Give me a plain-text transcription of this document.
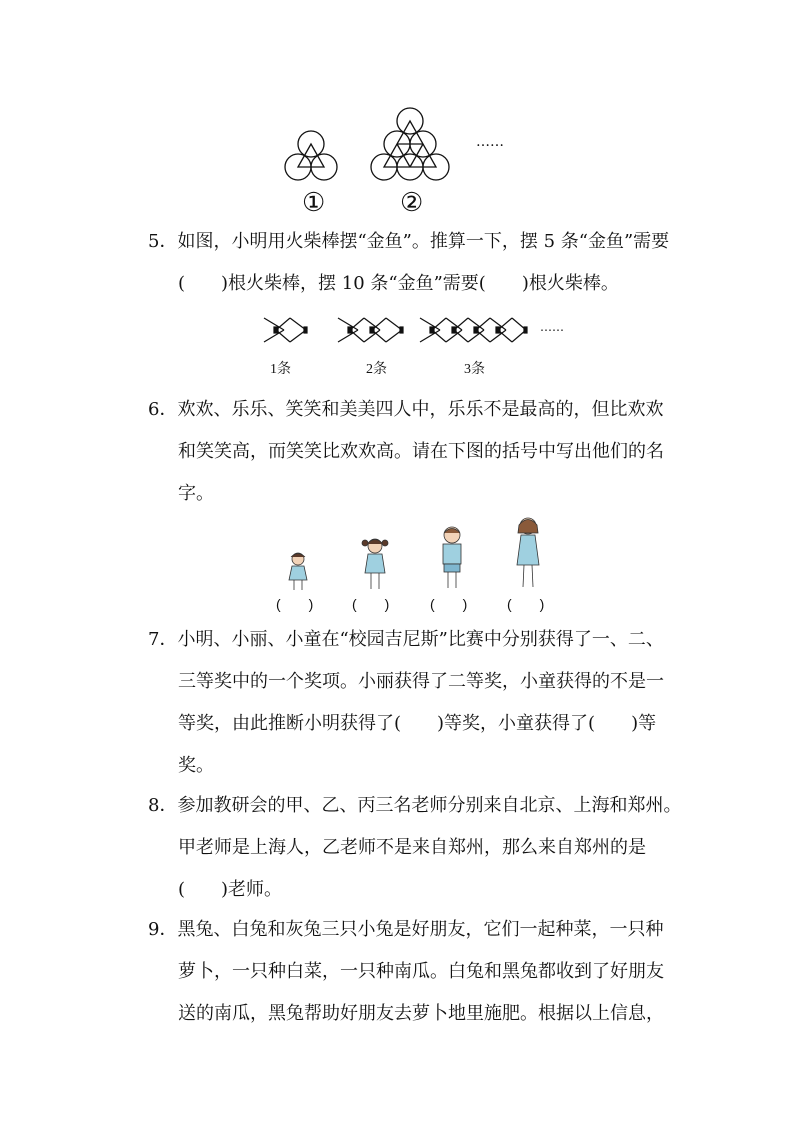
①	②
……
5．如图，小明用火柴棒摆“金鱼”。推算一下，摆 5 条“金鱼”需要
(　　)根火柴棒，摆 10 条“金鱼”需要(　　)根火柴棒。
……
1条	2条	3条
6．欢欢、乐乐、笑笑和美美四人中，乐乐不是最高的，但比欢欢
和笑笑高，而笑笑比欢欢高。请在下图的括号中写出他们的名
字。
(　　)	(　　)	(　　)	(　　)
7．小明、小丽、小童在“校园吉尼斯”比赛中分别获得了一、二、
三等奖中的一个奖项。小丽获得了二等奖，小童获得的不是一
等奖，由此推断小明获得了(　　)等奖，小童获得了(　　)等
奖。
8．参加教研会的甲、乙、丙三名老师分别来自北京、上海和郑州。
甲老师是上海人，乙老师不是来自郑州，那么来自郑州的是
(　　)老师。
9．黑兔、白兔和灰兔三只小兔是好朋友，它们一起种菜，一只种
萝卜，一只种白菜，一只种南瓜。白兔和黑兔都收到了好朋友
送的南瓜，黑兔帮助好朋友去萝卜地里施肥。根据以上信息，
